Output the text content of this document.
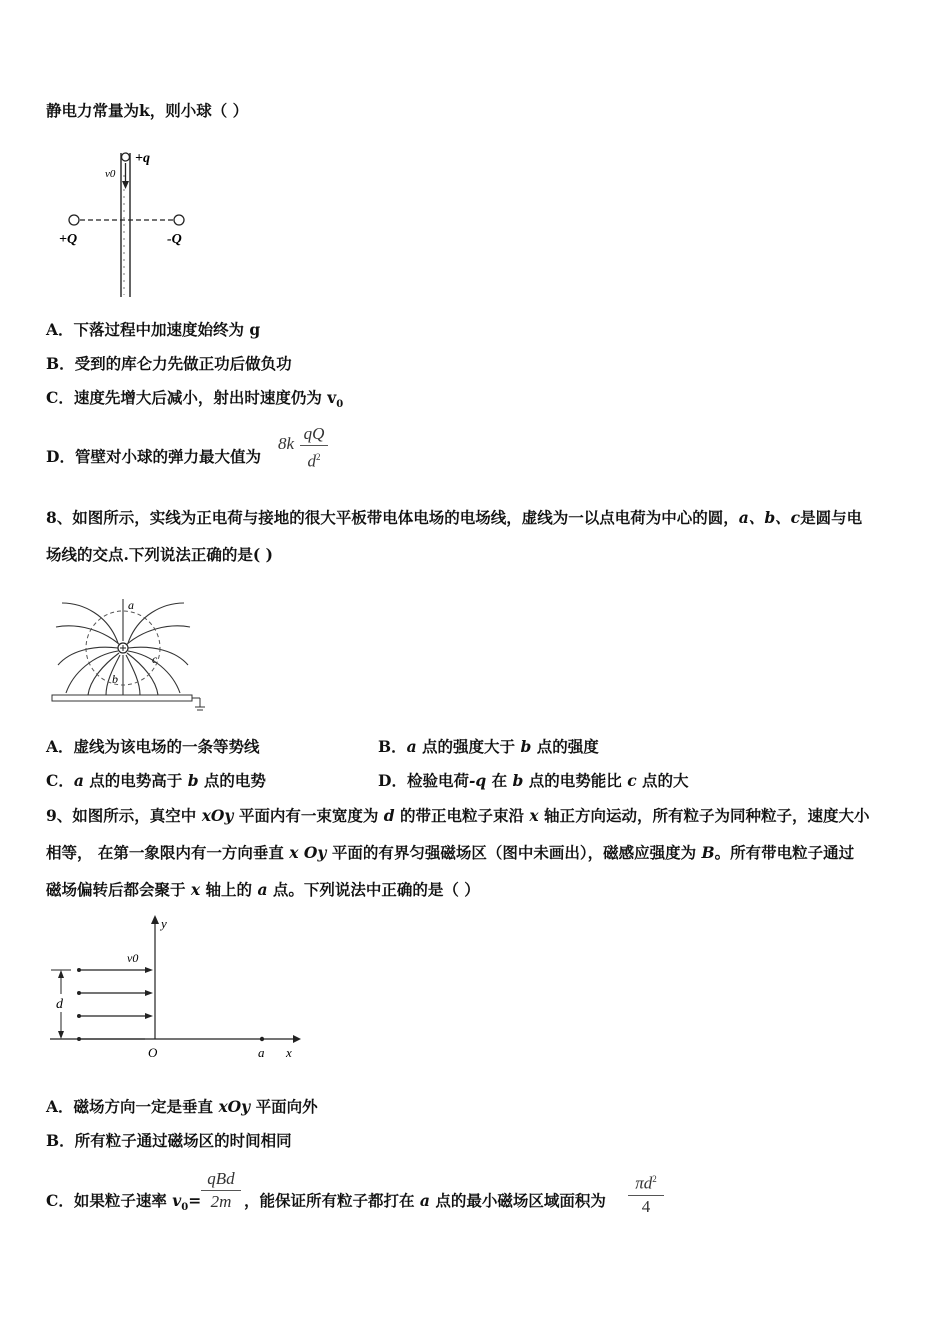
静电力常量为k，则小球（ ）
+q
v0
+Q	-Q
A．下落过程中加速度始终为 g
B．受到的库仑力先做正功后做负功
C．速度先增大后减小，射出时速度仍为 $v_0$
D．管壁对小球的弹力最大值为
8k
qQ
$d^2$
8、如图所示，实线为正电荷与接地的很大平板带电体电场的电场线，虚线为一以点电荷为中心的圆，a、b、c是圆与电
场线的交点.下列说法正确的是( )
a
b
c
A．虚线为该电场的一条等势线	B．a 点的强度大于 b 点的强度
C．a 点的电势高于 b 点的电势	D．检验电荷-q 在 b 点的电势能比 c 点的大
9、如图所示，真空中 xOy 平面内有一束宽度为 d 的带正电粒子束沿 x 轴正方向运动，所有粒子为同种粒子，速度大小
相等， 在第一象限内有一方向垂直 x Oy 平面的有界匀强磁场区（图中未画出），磁感应强度为 B。所有带电粒子通过
磁场偏转后都会聚于 x 轴上的 a 点。下列说法中正确的是（ ）
d
y
v0
O	a x
A．磁场方向一定是垂直 xOy 平面向外
B．所有粒子通过磁场区的时间相同
C．如果粒子速率 $v_0=$
qBd
2m ，能保证所有粒子都打在 a 点的最小磁场区域面积为
$\pi d^2$
4
